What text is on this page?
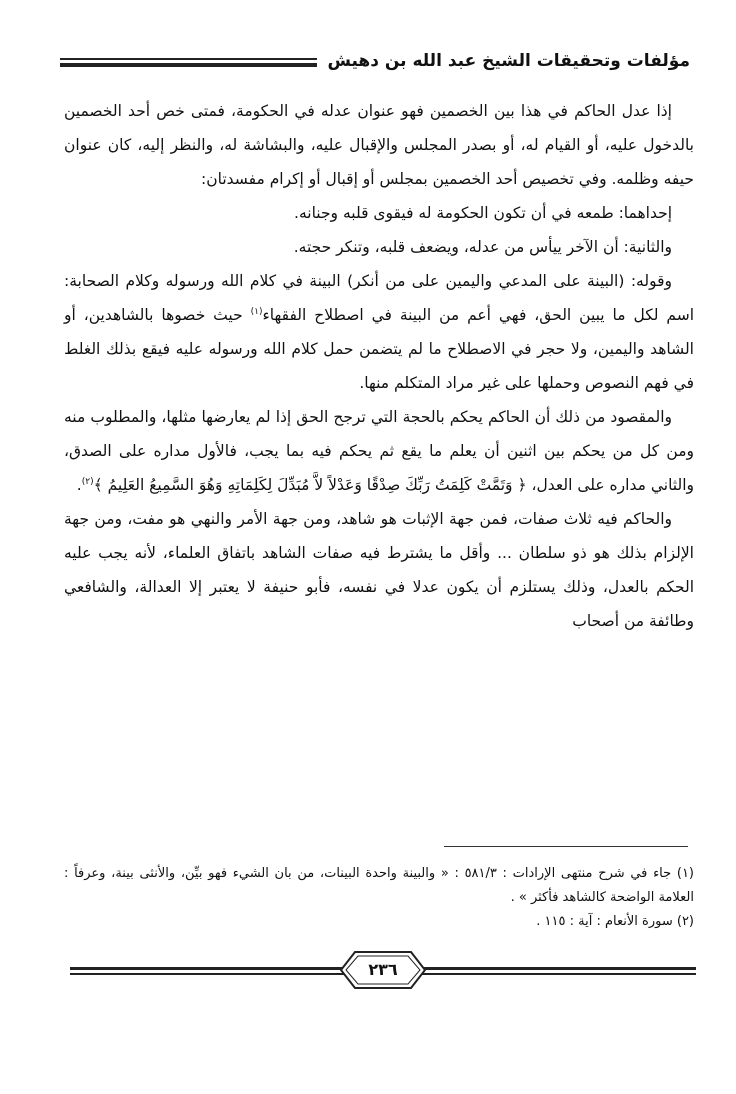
مؤلفات وتحقيقات الشيخ عبد الله بن دهيش

إذا عدل الحاكم في هذا بين الخصمين فهو عنوان عدله في الحكومة، فمتى خص أحد الخصمين بالدخول عليه، أو القيام له، أو بصدر المجلس والإقبال عليه، والبشاشة له، والنظر إليه، كان عنوان حيفه وظلمه. وفي تخصيص أحد الخصمين بمجلس أو إقبال أو إكرام مفسدتان:

إحداهما: طمعه في أن تكون الحكومة له فيقوى قلبه وجنانه.

والثانية: أن الآخر ييأس من عدله، ويضعف قلبه، وتنكر حجته.

وقوله: (البينة على المدعي واليمين على من أنكر) البينة في كلام الله ورسوله وكلام الصحابة: اسم لكل ما يبين الحق، فهي أعم من البينة في اصطلاح الفقهاء$^{(١)}$ حيث خصوها بالشاهدين، أو الشاهد واليمين، ولا حجر في الاصطلاح ما لم يتضمن حمل كلام الله ورسوله عليه فيقع بذلك الغلط في فهم النصوص وحملها على غير مراد المتكلم منها.

والمقصود من ذلك أن الحاكم يحكم بالحجة التي ترجح الحق إذا لم يعارضها مثلها، والمطلوب منه ومن كل من يحكم بين اثنين أن يعلم ما يقع ثم يحكم فيه بما يجب، فالأول مداره على الصدق، والثاني مداره على العدل، ﴿ وَتَمَّتْ كَلِمَتُ رَبِّكَ صِدْقًا وَعَدْلاً لاَّ مُبَدِّلَ لِكَلِمَاتِهِ وَهُوَ السَّمِيعُ العَلِيمُ ﴾$^{(٢)}$.

والحاكم فيه ثلاث صفات، فمن جهة الإثبات هو شاهد، ومن جهة الأمر والنهي هو مفت، ومن جهة الإلزام بذلك هو ذو سلطان ... وأقل ما يشترط فيه صفات الشاهد باتفاق العلماء، لأنه يجب عليه الحكم بالعدل، وذلك يستلزم أن يكون عدلا في نفسه، فأبو حنيفة لا يعتبر إلا العدالة، والشافعي وطائفة من أصحاب

(١) جاء في شرح منتهى الإرادات : ٥٨١/٣ : « والبينة واحدة البينات، من بان الشيء فهو بيِّن، والأنثى بينة، وعرفاً : العلامة الواضحة كالشاهد فأكثر » .

(٢) سورة الأنعام : آية : ١١٥ .

٢٣٦
